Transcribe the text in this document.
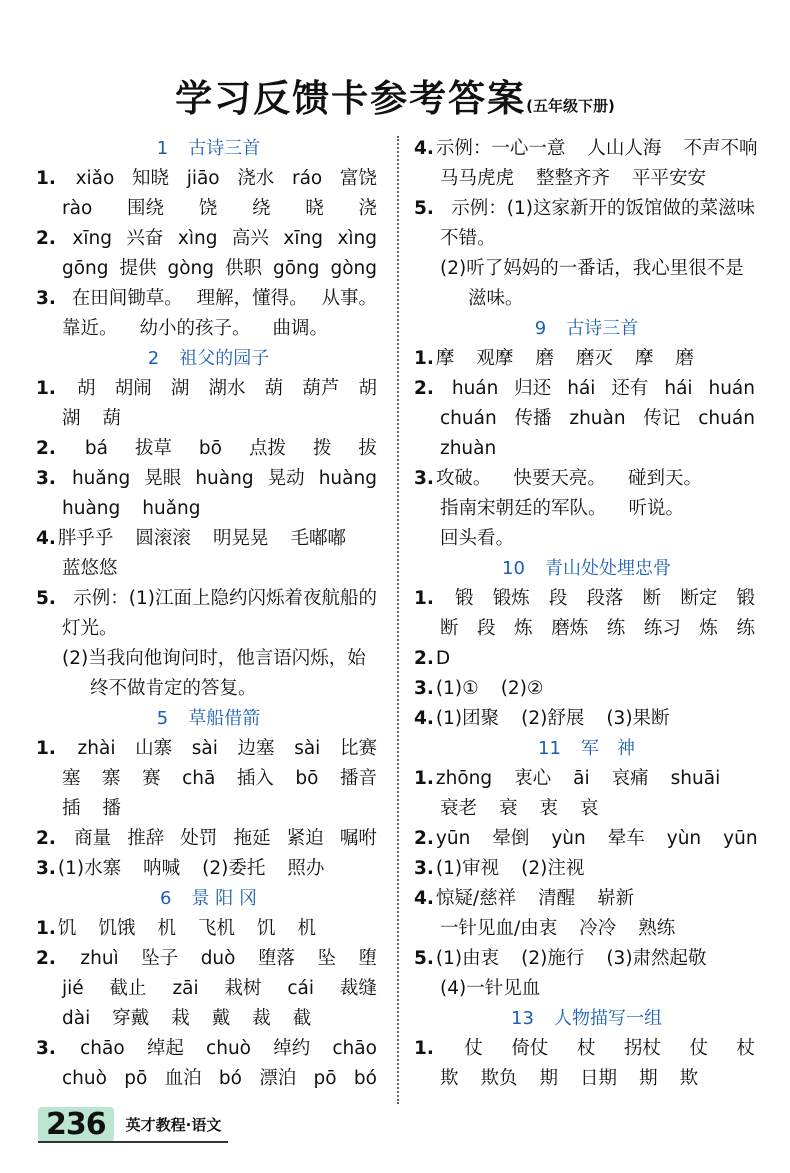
学习反馈卡参考答案(五年级下册)
1 古诗三首
1. xiǎo 知晓 jiāo 浇水 ráo 富饶
rào 围绕 饶 绕 晓 浇
2. xīng 兴奋 xìng 高兴 xīng xìng
gōng 提供 gòng 供职 gōng gòng
3. 在田间锄草。 理解，懂得。 从事。
靠近。 幼小的孩子。 曲调。
2 祖父的园子
1. 胡 胡闹 湖 湖水 葫 葫芦 胡
湖 葫
2. bá 拔草 bō 点拨 拨 拔
3. huǎng 晃眼 huàng 晃动 huàng
huàng huǎng
4. 胖乎乎 圆滚滚 明晃晃 毛嘟嘟
蓝悠悠
5. 示例：(1)江面上隐约闪烁着夜航船的
灯光。
(2)当我向他询问时，他言语闪烁，始
终不做肯定的答复。
5 草船借箭
1. zhài 山寨 sài 边塞 sài 比赛
塞 寨 赛 chā 插入 bō 播音
插 播
2. 商量 推辞 处罚 拖延 紧迫 嘱咐
3. (1)水寨 呐喊 (2)委托 照办
6 景 阳 冈
1. 饥 饥饿 机 飞机 饥 机
2. zhuì 坠子 duò 堕落 坠 堕
jié 截止 zāi 栽树 cái 裁缝
dài 穿戴 栽 戴 裁 截
3. chāo 绰起 chuò 绰约 chāo
chuò pō 血泊 bó 漂泊 pō bó
4. 示例：一心一意 人山人海 不声不响
马马虎虎 整整齐齐 平平安安
5. 示例：(1)这家新开的饭馆做的菜滋味
不错。
(2)听了妈妈的一番话，我心里很不是
滋味。
9 古诗三首
1. 摩 观摩 磨 磨灭 摩 磨
2. huán 归还 hái 还有 hái huán
chuán 传播 zhuàn 传记 chuán
zhuàn
3. 攻破。 快要天亮。 碰到天。
指南宋朝廷的军队。 听说。
回头看。
10 青山处处埋忠骨
1. 锻 锻炼 段 段落 断 断定 锻
断 段 炼 磨炼 练 练习 炼 练
2. D
3. (1)① (2)②
4. (1)团聚 (2)舒展 (3)果断
11 军　神
1. zhōng 衷心 āi 哀痛 shuāi
衰老 衰 衷 哀
2. yūn 晕倒 yùn 晕车 yùn yūn
3. (1)审视 (2)注视
4. 惊疑/慈祥 清醒 崭新
一针见血/由衷 冷冷 熟练
5. (1)由衷 (2)施行 (3)肃然起敬
(4)一针见血
13 人物描写一组
1. 仗 倚仗 杖 拐杖 仗 杖
欺 欺负 期 日期 期 欺
236	英才教程·语文
